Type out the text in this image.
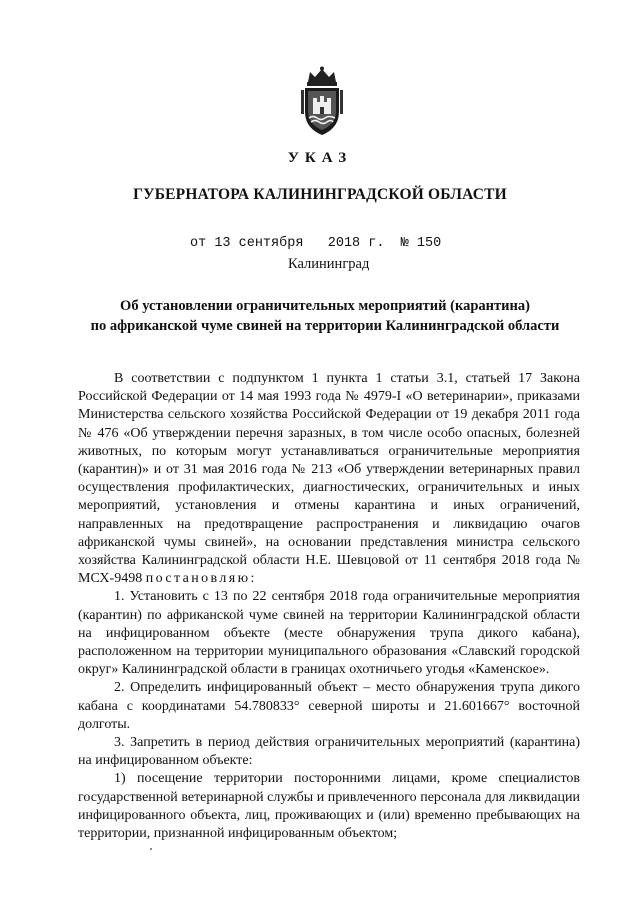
УКАЗ
ГУБЕРНАТОРА КАЛИНИНГРАДСКОЙ ОБЛАСТИ
от 13 сентября 2018 г. № 150
Калининград
Об установлении ограничительных мероприятий (карантина)
по африканской чуме свиней на территории Калининградской области

В соответствии с подпунктом 1 пункта 1 статьи 3.1, статьей 17 Закона Российской Федерации от 14 мая 1993 года № 4979-I «О ветеринарии», приказами Министерства сельского хозяйства Российской Федерации от 19 декабря 2011 года № 476 «Об утверждении перечня заразных, в том числе особо опасных, болезней животных, по которым могут устанавливаться ограничительные мероприятия (карантин)» и от 31 мая 2016 года № 213 «Об утверждении ветеринарных правил осуществления профилактических, диагностических, ограничительных и иных мероприятий, установления и отмены карантина и иных ограничений, направленных на предотвращение распространения и ликвидацию очагов африканской чумы свиней», на основании представления министра сельского хозяйства Калининградской области Н.Е. Шевцовой от 11 сентября 2018 года № МСХ-9498 постановляю:

1. Установить с 13 по 22 сентября 2018 года ограничительные мероприятия (карантин) по африканской чуме свиней на территории Калининградской области на инфицированном объекте (месте обнаружения трупа дикого кабана), расположенном на территории муниципального образования «Славский городской округ» Калининградской области в границах охотничьего угодья «Каменское».

2. Определить инфицированный объект – место обнаружения трупа дикого кабана с координатами 54.780833° северной широты и 21.601667° восточной долготы.

3. Запретить в период действия ограничительных мероприятий (карантина) на инфицированном объекте:

1) посещение территории посторонними лицами, кроме специалистов государственной ветеринарной службы и привлеченного персонала для ликвидации инфицированного объекта, лиц, проживающих и (или) временно пребывающих на территории, признанной инфицированным объектом;
